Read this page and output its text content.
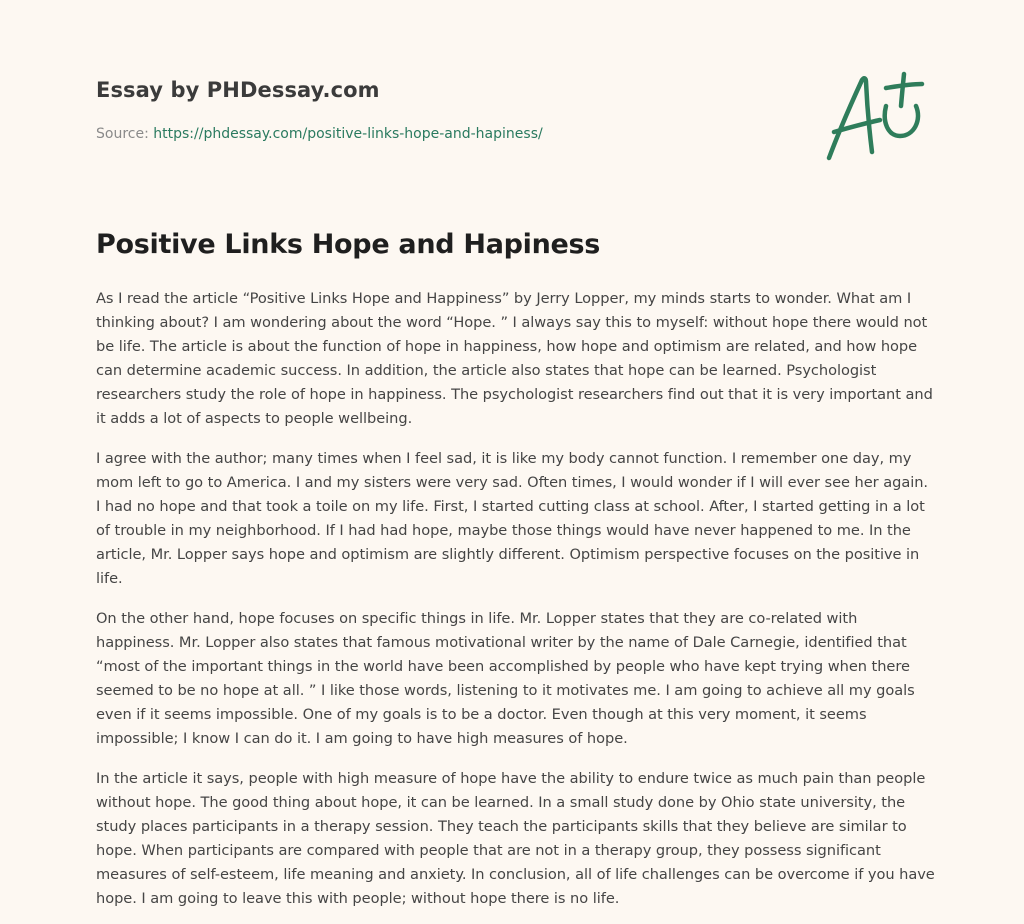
Essay by PHDessay.com
Source: https://phdessay.com/positive-links-hope-and-hapiness/
Positive Links Hope and Hapiness

As I read the article “Positive Links Hope and Happiness” by Jerry Lopper, my minds starts to wonder. What am I thinking about? I am wondering about the word “Hope. ” I always say this to myself: without hope there would not be life. The article is about the function of hope in happiness, how hope and optimism are related, and how hope can determine academic success. In addition, the article also states that hope can be learned. Psychologist researchers study the role of hope in happiness. The psychologist researchers find out that it is very important and it adds a lot of aspects to people wellbeing.

I agree with the author; many times when I feel sad, it is like my body cannot function. I remember one day, my mom left to go to America. I and my sisters were very sad. Often times, I would wonder if I will ever see her again. I had no hope and that took a toile on my life. First, I started cutting class at school. After, I started getting in a lot of trouble in my neighborhood. If I had had hope, maybe those things would have never happened to me. In the article, Mr. Lopper says hope and optimism are slightly different. Optimism perspective focuses on the positive in life.

On the other hand, hope focuses on specific things in life. Mr. Lopper states that they are co-related with happiness. Mr. Lopper also states that famous motivational writer by the name of Dale Carnegie, identified that “most of the important things in the world have been accomplished by people who have kept trying when there seemed to be no hope at all. ” I like those words, listening to it motivates me. I am going to achieve all my goals even if it seems impossible. One of my goals is to be a doctor. Even though at this very moment, it seems impossible; I know I can do it. I am going to have high measures of hope.

In the article it says, people with high measure of hope have the ability to endure twice as much pain than people without hope. The good thing about hope, it can be learned. In a small study done by Ohio state university, the study places participants in a therapy session. They teach the participants skills that they believe are similar to hope. When participants are compared with people that are not in a therapy group, they possess significant measures of self-esteem, life meaning and anxiety. In conclusion, all of life challenges can be overcome if you have hope. I am going to leave this with people; without hope there is no life.
